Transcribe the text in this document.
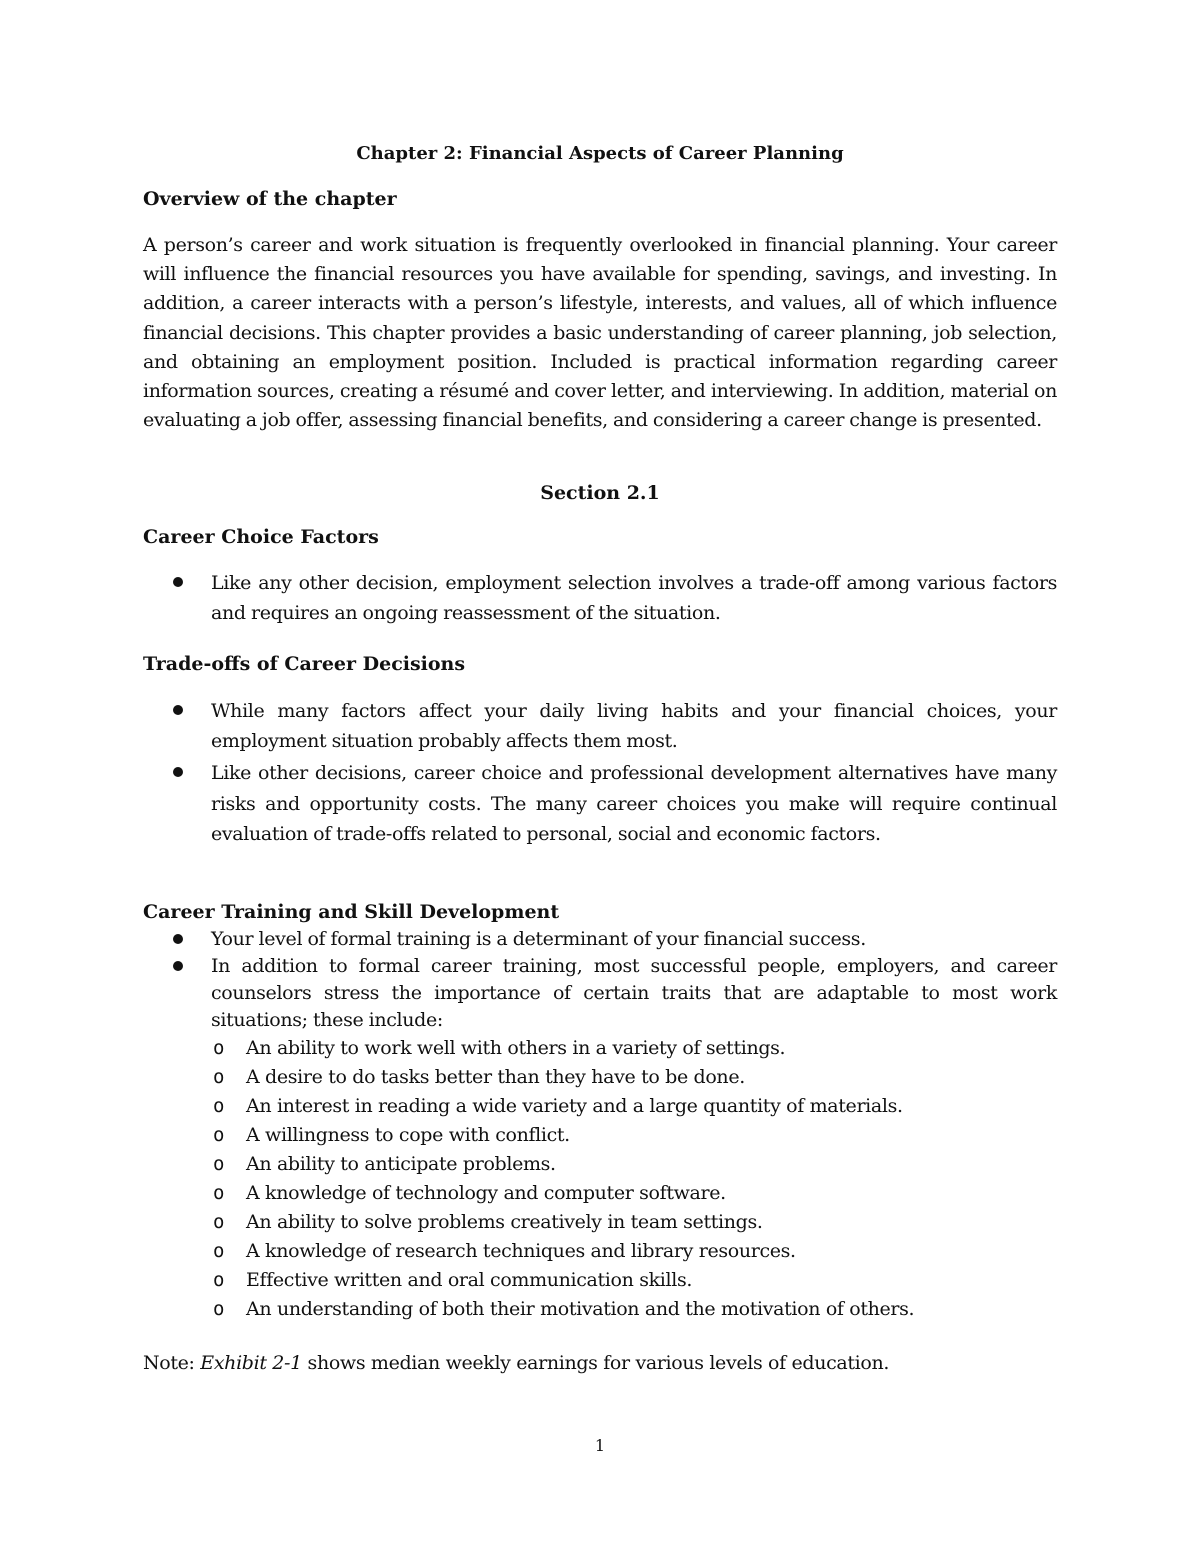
Chapter 2: Financial Aspects of Career Planning
Overview of the chapter
A person’s career and work situation is frequently overlooked in financial planning. Your career will influence the financial resources you have available for spending, savings, and investing. In addition, a career interacts with a person’s lifestyle, interests, and values, all of which influence financial decisions. This chapter provides a basic understanding of career planning, job selection, and obtaining an employment position. Included is practical information regarding career information sources, creating a résumé and cover letter, and interviewing. In addition, material on evaluating a job offer, assessing financial benefits, and considering a career change is presented.
Section 2.1
Career Choice Factors
Like any other decision, employment selection involves a trade-off among various factors and requires an ongoing reassessment of the situation.
Trade-offs of Career Decisions
While many factors affect your daily living habits and your financial choices, your employment situation probably affects them most.
Like other decisions, career choice and professional development alternatives have many risks and opportunity costs. The many career choices you make will require continual evaluation of trade-offs related to personal, social and economic factors.
Career Training and Skill Development
Your level of formal training is a determinant of your financial success.
In addition to formal career training, most successful people, employers, and career counselors stress the importance of certain traits that are adaptable to most work situations; these include:
o An ability to work well with others in a variety of settings.
o A desire to do tasks better than they have to be done.
o An interest in reading a wide variety and a large quantity of materials.
o A willingness to cope with conflict.
o An ability to anticipate problems.
o A knowledge of technology and computer software.
o An ability to solve problems creatively in team settings.
o A knowledge of research techniques and library resources.
o Effective written and oral communication skills.
o An understanding of both their motivation and the motivation of others.
Note: Exhibit 2-1 shows median weekly earnings for various levels of education.
1
